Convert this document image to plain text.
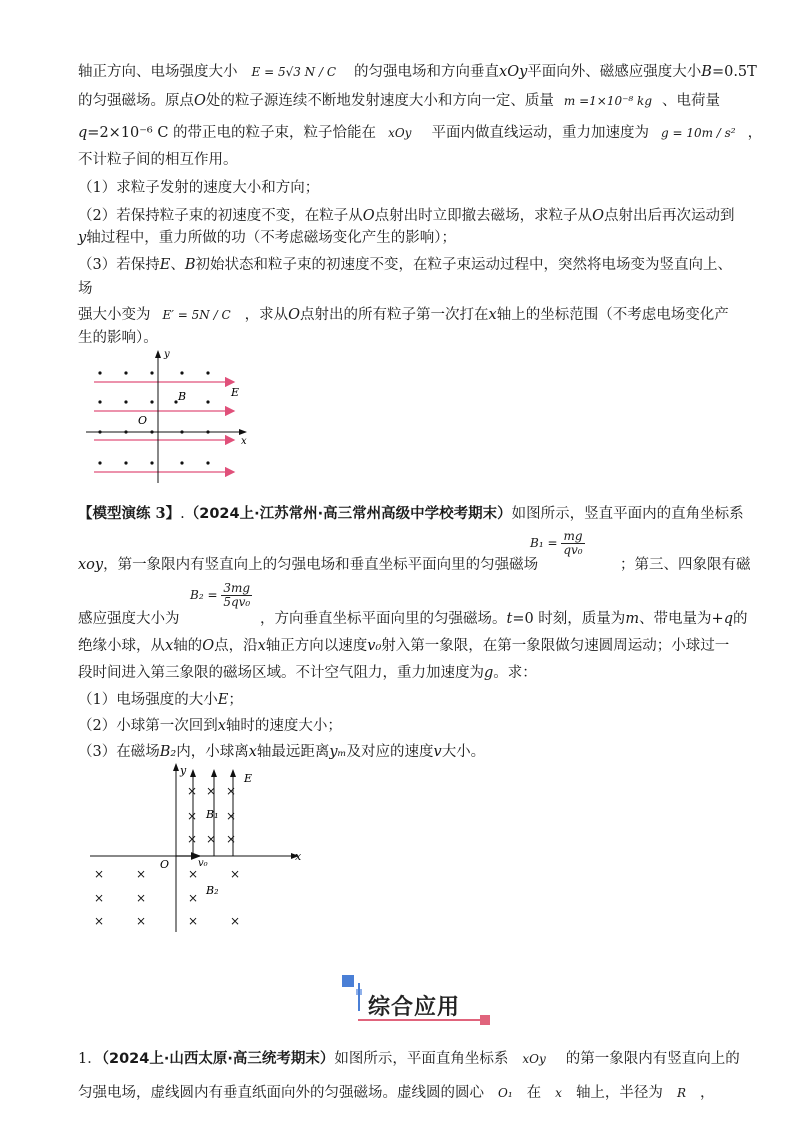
轴正方向、电场强度大小 E = 5√3 N / C 的匀强电场和方向垂直xOy平面向外、磁感应强度大小B=0.5T
的匀强磁场。原点O处的粒子源连续不断地发射速度大小和方向一定、质量 m =1×10⁻⁸ kg 、电荷量
q=2×10⁻⁶ C 的带正电的粒子束，粒子恰能在 xOy 平面内做直线运动，重力加速度为 g = 10m / s² ，
不计粒子间的相互作用。
（1）求粒子发射的速度大小和方向；
（2）若保持粒子束的初速度不变，在粒子从O点射出时立即撤去磁场，求粒子从O点射出后再次运动到
y轴过程中，重力所做的功（不考虑磁场变化产生的影响）；
（3）若保持E、B初始状态和粒子束的初速度不变，在粒子束运动过程中，突然将电场变为竖直向上、
场
强大小变为 E′ = 5N / C ，求从O点射出的所有粒子第一次打在x轴上的坐标范围（不考虑电场变化产
生的影响）。
y
x
O
B	E
【模型演练 3】.（2024上·江苏常州·高三常州高级中学校考期末）如图所示，竖直平面内的直角坐标系
xoy，第一象限内有竖直向上的匀强电场和垂直坐标平面向里的匀强磁场
$B_1 = \frac{mg}{\text{qv₀}}$
；第三、四象限有磁
感应强度大小为
$B_2 = \frac{3mg}{\text{5qv₀}}$
，方向垂直坐标平面向里的匀强磁场。t=0 时刻，质量为m、带电量为+q的
绝缘小球，从x轴的O点，沿x轴正方向以速度v₀射入第一象限，在第一象限做匀速圆周运动；小球过一
段时间进入第三象限的磁场区域。不计空气阻力，重力加速度为g。求：
（1）电场强度的大小E；
（2）小球第一次回到x轴时的速度大小；
（3）在磁场B₂内，小球离x轴最远距离yₘ及对应的速度v大小。
× × ×
× ×
× × ×
×	×	×	×
×	×	×
×	×	×	×
y
x
O
E
B₁
B₂
v₀
综合应用
1．（2024上·山西太原·高三统考期末）如图所示，平面直角坐标系 xOy 的第一象限内有竖直向上的
匀强电场，虚线圆内有垂直纸面向外的匀强磁场。虚线圆的圆心 O₁ 在 x 轴上，半径为 R ，
